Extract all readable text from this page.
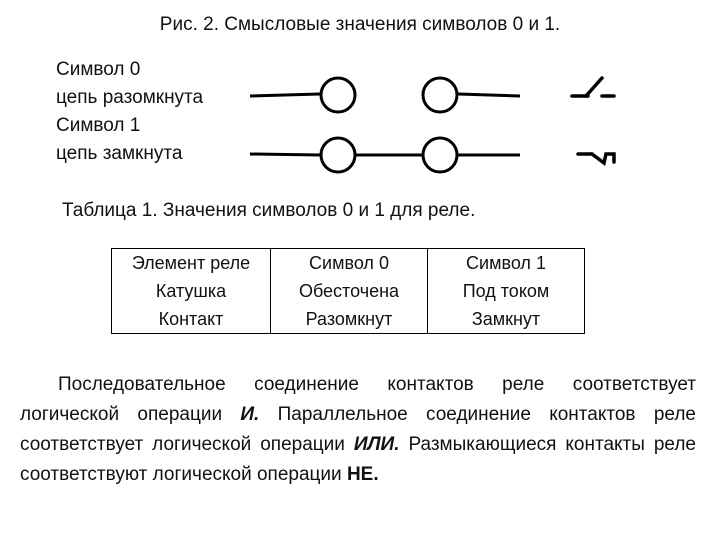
Рис. 2. Смысловые значения символов 0 и 1.
Символ 0
цепь разомкнута
Символ 1
цепь замкнута
Таблица 1. Значения символов 0 и 1 для реле.
Элемент реле	Символ 0	Символ 1
Катушка	Обесточена	Под током
Контакт	Разомкнут	Замкнут
Последовательное соединение контактов реле соответствует логической операции И. Параллельное соединение контактов реле соответствует логической операции ИЛИ. Размыкающиеся контакты реле соответствуют логической операции НЕ.
